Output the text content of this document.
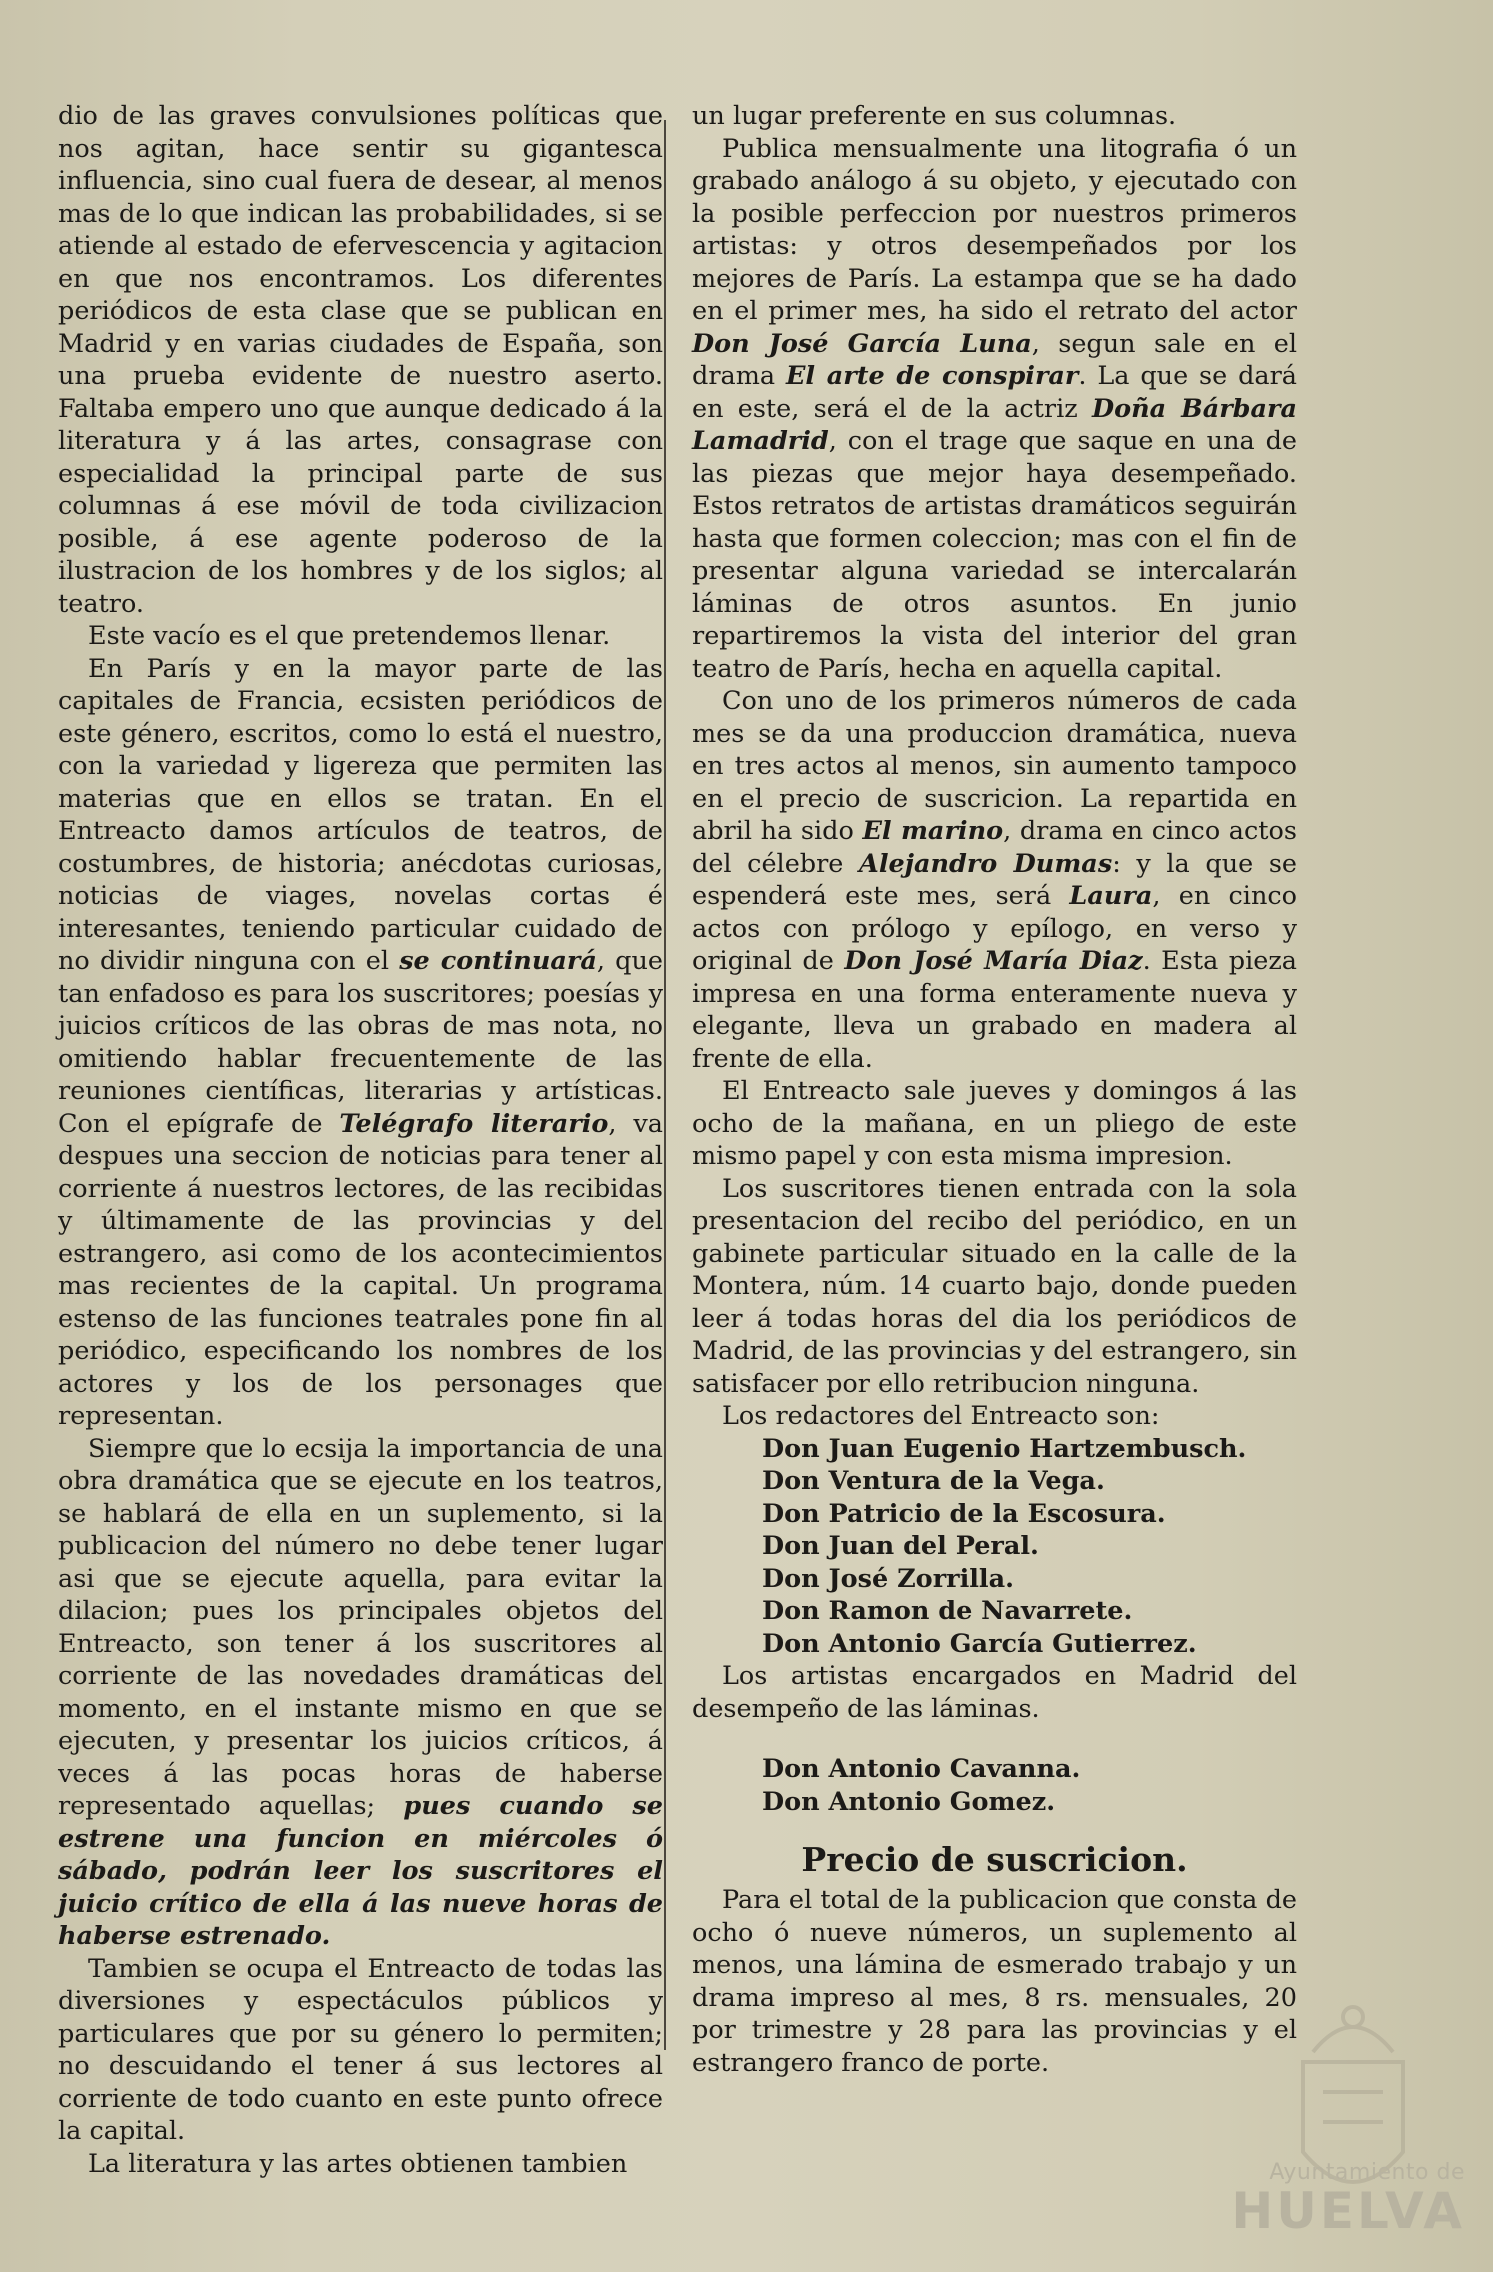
dio de las graves convulsiones políticas que nos agitan, hace sentir su gigantesca influencia, sino cual fuera de desear, al menos mas de lo que indican las probabilidades, si se atiende al estado de efervescencia y agitacion en que nos encontramos. Los diferentes periódicos de esta clase que se publican en Madrid y en varias ciudades de España, son una prueba evidente de nuestro aserto. Faltaba empero uno que aunque dedicado á la literatura y á las artes, consagrase con especialidad la principal parte de sus columnas á ese móvil de toda civilizacion posible, á ese agente poderoso de la ilustracion de los hombres y de los siglos; al teatro.

Este vacío es el que pretendemos llenar.

En París y en la mayor parte de las capitales de Francia, ecsisten periódicos de este género, escritos, como lo está el nuestro, con la variedad y ligereza que permiten las materias que en ellos se tratan. En el Entreacto damos artículos de teatros, de costumbres, de historia; anécdotas curiosas, noticias de viages, novelas cortas é interesantes, teniendo particular cuidado de no dividir ninguna con el se continuará, que tan enfadoso es para los suscritores; poesías y juicios críticos de las obras de mas nota, no omitiendo hablar frecuentemente de las reuniones científicas, literarias y artísticas. Con el epígrafe de Telégrafo literario, va despues una seccion de noticias para tener al corriente á nuestros lectores, de las recibidas y últimamente de las provincias y del estrangero, asi como de los acontecimientos mas recientes de la capital. Un programa estenso de las funciones teatrales pone fin al periódico, especificando los nombres de los actores y los de los personages que representan.

Siempre que lo ecsija la importancia de una obra dramática que se ejecute en los teatros, se hablará de ella en un suplemento, si la publicacion del número no debe tener lugar asi que se ejecute aquella, para evitar la dilacion; pues los principales objetos del Entreacto, son tener á los suscritores al corriente de las novedades dramáticas del momento, en el instante mismo en que se ejecuten, y presentar los juicios críticos, á veces á las pocas horas de haberse representado aquellas; pues cuando se estrene una funcion en miércoles ó sábado, podrán leer los suscritores el juicio crítico de ella á las nueve horas de haberse estrenado.

Tambien se ocupa el Entreacto de todas las diversiones y espectáculos públicos y particulares que por su género lo permiten; no descuidando el tener á sus lectores al corriente de todo cuanto en este punto ofrece la capital.

La literatura y las artes obtienen tambien

un lugar preferente en sus columnas.

Publica mensualmente una litografia ó un grabado análogo á su objeto, y ejecutado con la posible perfeccion por nuestros primeros artistas: y otros desempeñados por los mejores de París. La estampa que se ha dado en el primer mes, ha sido el retrato del actor Don José García Luna, segun sale en el drama El arte de conspirar. La que se dará en este, será el de la actriz Doña Bárbara Lamadrid, con el trage que saque en una de las piezas que mejor haya desempeñado. Estos retratos de artistas dramáticos seguirán hasta que formen coleccion; mas con el fin de presentar alguna variedad se intercalarán láminas de otros asuntos. En junio repartiremos la vista del interior del gran teatro de París, hecha en aquella capital.

Con uno de los primeros números de cada mes se da una produccion dramática, nueva en tres actos al menos, sin aumento tampoco en el precio de suscricion. La repartida en abril ha sido El marino, drama en cinco actos del célebre Alejandro Dumas: y la que se espenderá este mes, será Laura, en cinco actos con prólogo y epílogo, en verso y original de Don José María Diaz. Esta pieza impresa en una forma enteramente nueva y elegante, lleva un grabado en madera al frente de ella.

El Entreacto sale jueves y domingos á las ocho de la mañana, en un pliego de este mismo papel y con esta misma impresion.

Los suscritores tienen entrada con la sola presentacion del recibo del periódico, en un gabinete particular situado en la calle de la Montera, núm. 14 cuarto bajo, donde pueden leer á todas horas del dia los periódicos de Madrid, de las provincias y del estrangero, sin satisfacer por ello retribucion ninguna.

Los redactores del Entreacto son:

Don Juan Eugenio Hartzembusch.
Don Ventura de la Vega.
Don Patricio de la Escosura.
Don Juan del Peral.
Don José Zorrilla.
Don Ramon de Navarrete.
Don Antonio García Gutierrez.

Los artistas encargados en Madrid del desempeño de las láminas.

Don Antonio Cavanna.
Don Antonio Gomez.
Precio de suscricion.

Para el total de la publicacion que consta de ocho ó nueve números, un suplemento al menos, una lámina de esmerado trabajo y un drama impreso al mes, 8 rs. mensuales, 20 por trimestre y 28 para las provincias y el estrangero franco de porte.

Ayuntamiento de
HUELVA
